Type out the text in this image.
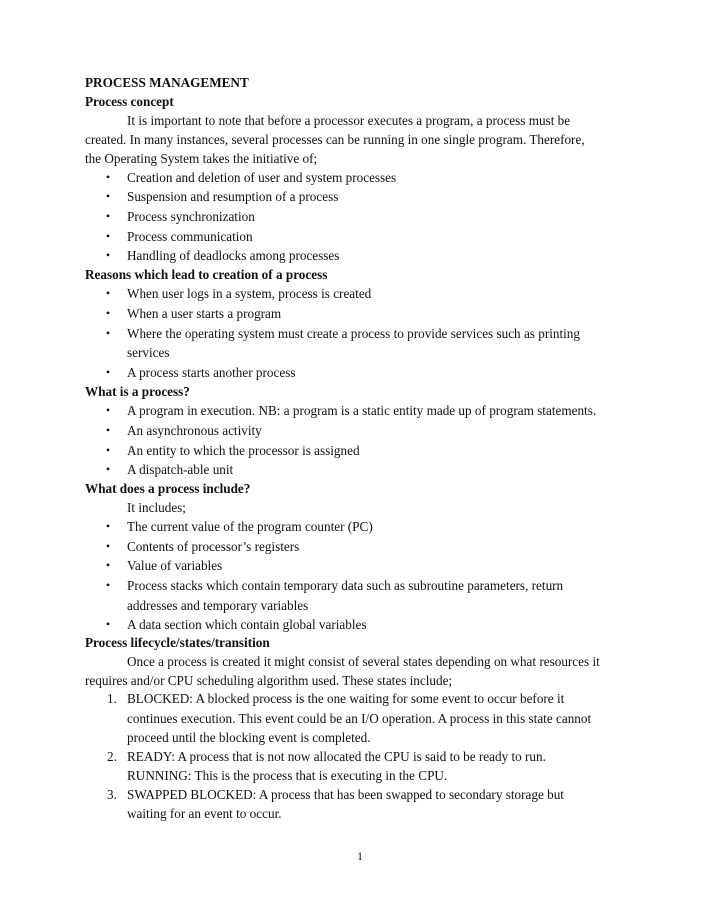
PROCESS MANAGEMENT
Process concept
It is important to note that before a processor executes a program, a process must be
created. In many instances, several processes can be running in one single program. Therefore,
the Operating System takes the initiative of;
• Creation and deletion of user and system processes
• Suspension and resumption of a process
• Process synchronization
• Process communication
• Handling of deadlocks among processes
Reasons which lead to creation of a process
• When user logs in a system, process is created
• When a user starts a program
• Where the operating system must create a process to provide services such as printing
services
• A process starts another process
What is a process?
• A program in execution. NB: a program is a static entity made up of program statements.
• An asynchronous activity
• An entity to which the processor is assigned
• A dispatch-able unit
What does a process include?
It includes;
• The current value of the program counter (PC)
• Contents of processor’s registers
• Value of variables
• Process stacks which contain temporary data such as subroutine parameters, return
addresses and temporary variables
• A data section which contain global variables
Process lifecycle/states/transition
Once a process is created it might consist of several states depending on what resources it
requires and/or CPU scheduling algorithm used. These states include;
1. BLOCKED: A blocked process is the one waiting for some event to occur before it
continues execution. This event could be an I/O operation. A process in this state cannot
proceed until the blocking event is completed.
2. READY: A process that is not now allocated the CPU is said to be ready to run.
RUNNING: This is the process that is executing in the CPU.
3. SWAPPED BLOCKED: A process that has been swapped to secondary storage but
waiting for an event to occur.
1
